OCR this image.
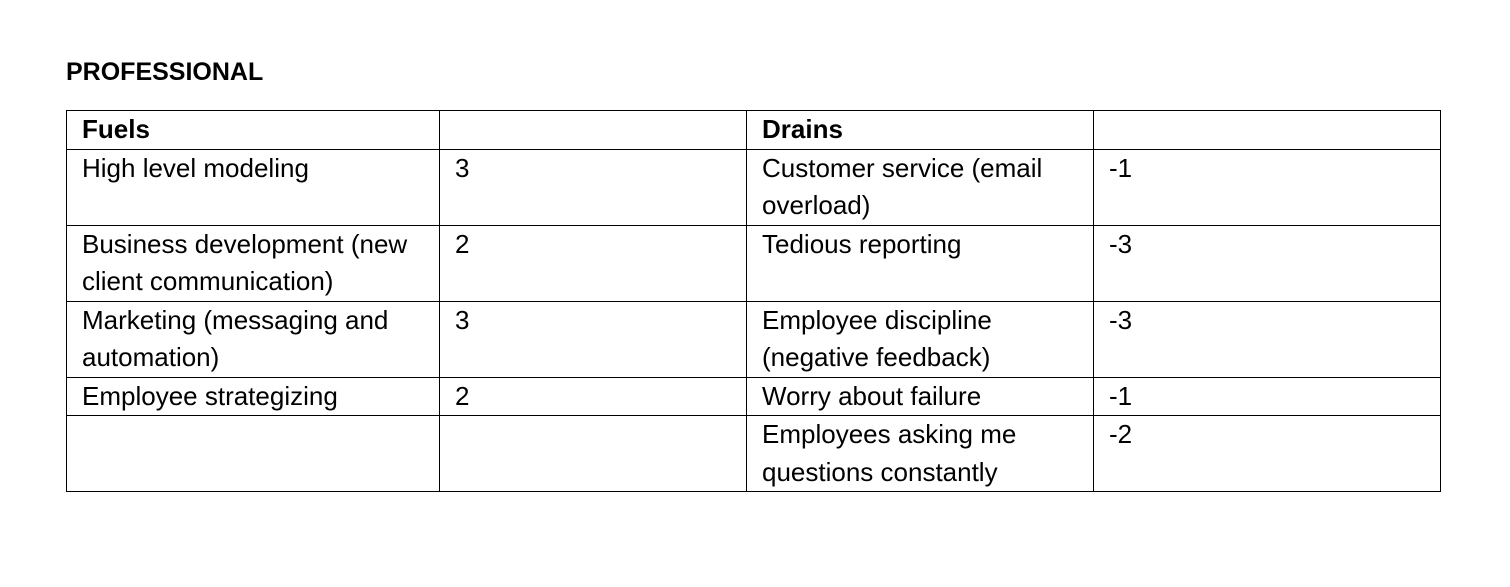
PROFESSIONAL
Fuels		Drains	
High level modeling	3	Customer service (email overload)	-1
Business development (new client communication)	2	Tedious reporting	-3
Marketing (messaging and automation)	3	Employee discipline (negative feedback)	-3
Employee strategizing	2	Worry about failure	-1
		Employees asking me questions constantly	-2
